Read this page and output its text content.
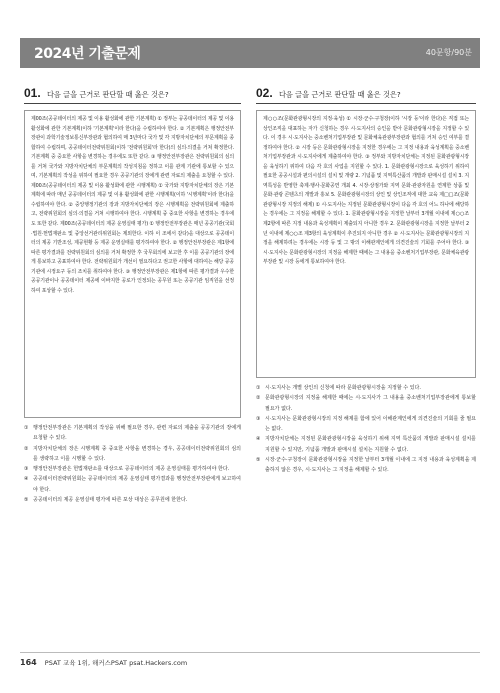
2024년 기출문제	40문항/90분
01. 다음 글을 근거로 판단할 때 옳은 것은?
제00조(공공데이터의 제공 및 이용 활성화에 관한 기본계획) ① 정부는 공공데이터의 제공 및 이용 활성화에 관한 기본계획(이하 '기본계획'이라 한다)을 수립하여야 한다. ② 기본계획은 행정안전부장관이 과학기술정보통신부장관과 협의하여 매 3년마다 국가 및 각 지방자치단체의 부문계획을 종합하여 수립하며, 공공데이터전략위원회(이하 '전략위원회'라 한다)의 심의·의결을 거쳐 확정한다. 기본계획 중 중요한 사항을 변경하는 경우에도 또한 같다. ③ 행정안전부장관은 전략위원회의 심의를 거쳐 국가와 지방자치단체의 부문계획의 작성지침을 정하고 이를 관계 기관에 통보할 수 있으며, 기본계획의 작성을 위하여 필요한 경우 공공기관의 장에게 관련 자료의 제출을 요청할 수 있다. 제00조(공공데이터의 제공 및 이용 활성화에 관한 시행계획) ① 국가와 지방자치단체의 장은 기본계획에 따라 매년 공공데이터의 제공 및 이용 활성화에 관한 시행계획(이하 '시행계획'이라 한다)을 수립하여야 한다. ② 중앙행정기관의 장과 지방자치단체의 장은 시행계획을 전략위원회에 제출하고, 전략위원회의 심의·의결을 거쳐 시행하여야 한다. 시행계획 중 중요한 사항을 변경하는 경우에도 또한 같다. 제00조(공공데이터의 제공 운영실태 평가) ① 행정안전부장관은 매년 공공기관(국회·법원·헌법재판소 및 중앙선거관리위원회는 제외한다. 이하 이 조에서 같다)을 대상으로 공공데이터의 제공 기반조성, 제공현황 등 제공 운영실태를 평가하여야 한다. ② 행정안전부장관은 제1항에 따른 평가결과를 전략위원회의 심의를 거쳐 확정한 후 국무회의에 보고한 후 이를 공공기관의 장에게 통보하고 공표하여야 한다. 전략위원회가 개선이 필요하다고 권고한 사항에 대하여는 해당 공공기관에 시정요구 등의 조치를 취하여야 한다. ③ 행정안전부장관은 제1항에 따른 평가결과 우수한 공공기관이나 공공데이터 제공에 이바지한 공로가 인정되는 공무원 또는 공공기관 임직원을 선정하여 포상할 수 있다.
① 행정안전부장관은 기본계획의 작성을 위해 필요한 경우, 관련 자료의 제출을 공공기관의 장에게 요청할 수 있다.
② 지방자치단체의 장은 시행계획 중 중요한 사항을 변경하는 경우, 공공데이터전략위원회의 심의를 생략하고 이를 시행할 수 있다.
③ 행정안전부장관은 헌법재판소를 대상으로 공공데이터의 제공 운영실태를 평가하여야 한다.
④ 공공데이터전략위원회는 공공데이터의 제공 운영실태 평가결과를 행정안전부장관에게 보고하여야 한다.
⑤ 공공데이터의 제공 운영실태 평가에 따른 포상 대상은 공무원에 한한다.
02. 다음 글을 근거로 판단할 때 옳은 것은?
제○○조(문화관광형시장의 지정·육성) ① 시장·군수·구청장(이하 '시장 등'이라 한다)은 직접 또는 상인조직을 대표하는 자가 신청하는 경우 시·도지사의 승인을 받아 문화관광형시장을 지정할 수 있다. 이 경우 시·도지사는 중소벤처기업부장관 및 문화체육관광부장관과 협의를 거쳐 승인 여부를 결정하여야 한다. ② 시장 등은 문화관광형시장을 지정한 경우에는 그 지정 내용과 육성계획을 중소벤처기업부장관과 시·도지사에게 제출하여야 한다. ③ 정부와 지방자치단체는 지정된 문화관광형시장을 육성하기 위하여 다음 각 호의 사업을 지원할 수 있다. 1. 문화관광형시장으로 육성하기 위하여 필요한 공공시설과 편의시설의 설치 및 개량 2. 기념품 및 지역특산품의 개발과 판매시설 설치 3. 지역특성을 반영한 축제·행사·문화공연 개최 4. 시장·상점가와 지역 문화·관광자원을 연계한 상품 및 문화·관광 콘텐츠의 개발과 홍보 5. 문화관광형시장의 상인 및 상인조직에 대한 교육 제□□조(문화관광형시장 지정의 해제) ① 시·도지사는 지정된 문화관광형시장이 다음 각 호의 어느 하나에 해당하는 경우에는 그 지정을 해제할 수 있다. 1. 문화관광형시장을 지정한 날부터 3개월 이내에 제○○조 제2항에 따른 지정 내용과 육성계획이 제출되지 아니한 경우 2. 문화관광형시장을 지정한 날부터 2년 이내에 제○○조 제3항의 육성계획이 추진되지 아니한 경우 ② 시·도지사는 문화관광형시장의 지정을 해제하려는 경우에는 시장 등 및 그 밖의 이해관계인에게 의견진술의 기회를 주어야 한다. ③ 시·도지사는 문화관광형시장의 지정을 해제한 때에는 그 내용을 중소벤처기업부장관, 문화체육관광부장관 및 시장 등에게 통보하여야 한다.
① 시·도지사는 개별 상인의 신청에 따라 문화관광형시장을 지정할 수 있다.
② 문화관광형시장의 지정을 해제한 때에는 시·도지사가 그 내용을 중소벤처기업부장관에게 통보할 필요가 없다.
③ 시·도지사는 문화관광형시장의 지정 해제를 함에 있어 이해관계인에게 의견진술의 기회를 줄 필요는 없다.
④ 지방자치단체는 지정된 문화관광형시장을 육성하기 위해 지역 특산품의 개발과 판매시설 설치를 지원할 수 있지만, 기념품 개발과 판매시설 설치는 지원할 수 없다.
⑤ 시장·군수·구청장이 문화관광형시장을 지정한 날부터 3개월 이내에 그 지정 내용과 육성계획을 제출하지 않은 경우, 시·도지사는 그 지정을 해제할 수 있다.
164 PSAT 교육 1위, 해커스PSAT psat.Hackers.com
